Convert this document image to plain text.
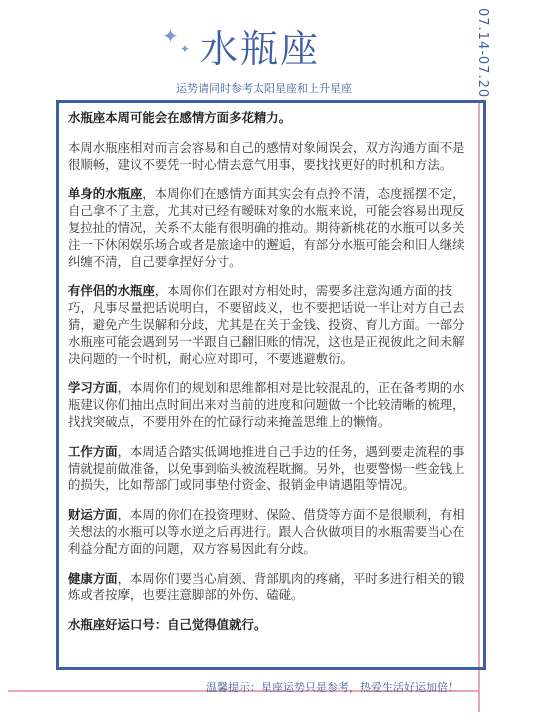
07.14-07.20
✦
✦ 水瓶座
运势请同时参考太阳星座和上升星座

水瓶座本周可能会在感情方面多花精力。

本周水瓶座相对而言会容易和自己的感情对象闹误会，双方沟通方面不是很顺畅，建议不要凭一时心情去意气用事，要找找更好的时机和方法。

单身的水瓶座，本周你们在感情方面其实会有点拎不清，态度摇摆不定，自己拿不了主意，尤其对已经有暧昧对象的水瓶来说，可能会容易出现反复拉扯的情况，关系不太能有很明确的推动。期待新桃花的水瓶可以多关注一下休闲娱乐场合或者是旅途中的邂逅，有部分水瓶可能会和旧人继续纠缠不清，自己要拿捏好分寸。

有伴侣的水瓶座，本周你们在跟对方相处时，需要多注意沟通方面的技巧，凡事尽量把话说明白，不要留歧义，也不要把话说一半让对方自己去猜，避免产生误解和分歧，尤其是在关于金钱、投资、育儿方面。一部分水瓶座可能会遇到另一半跟自己翻旧账的情况，这也是正视彼此之间未解决问题的一个时机，耐心应对即可，不要逃避敷衍。

学习方面，本周你们的规划和思维都相对是比较混乱的，正在备考期的水瓶建议你们抽出点时间出来对当前的进度和问题做一个比较清晰的梳理，找找突破点，不要用外在的忙碌行动来掩盖思维上的懒惰。

工作方面，本周适合踏实低调地推进自己手边的任务，遇到要走流程的事情就提前做准备，以免事到临头被流程耽搁。另外，也要警惕一些金钱上的损失，比如帮部门或同事垫付资金、报销金申请遇阻等情况。

财运方面，本周的你们在投资理财、保险、借贷等方面不是很顺利，有相关想法的水瓶可以等水逆之后再进行。跟人合伙做项目的水瓶需要当心在利益分配方面的问题，双方容易因此有分歧。

健康方面，本周你们要当心肩颈、背部肌肉的疼痛，平时多进行相关的锻炼或者按摩，也要注意脚部的外伤、磕碰。

水瓶座好运口号：自己觉得值就行。

温馨提示：星座运势只是参考，热爱生活好运加倍！
